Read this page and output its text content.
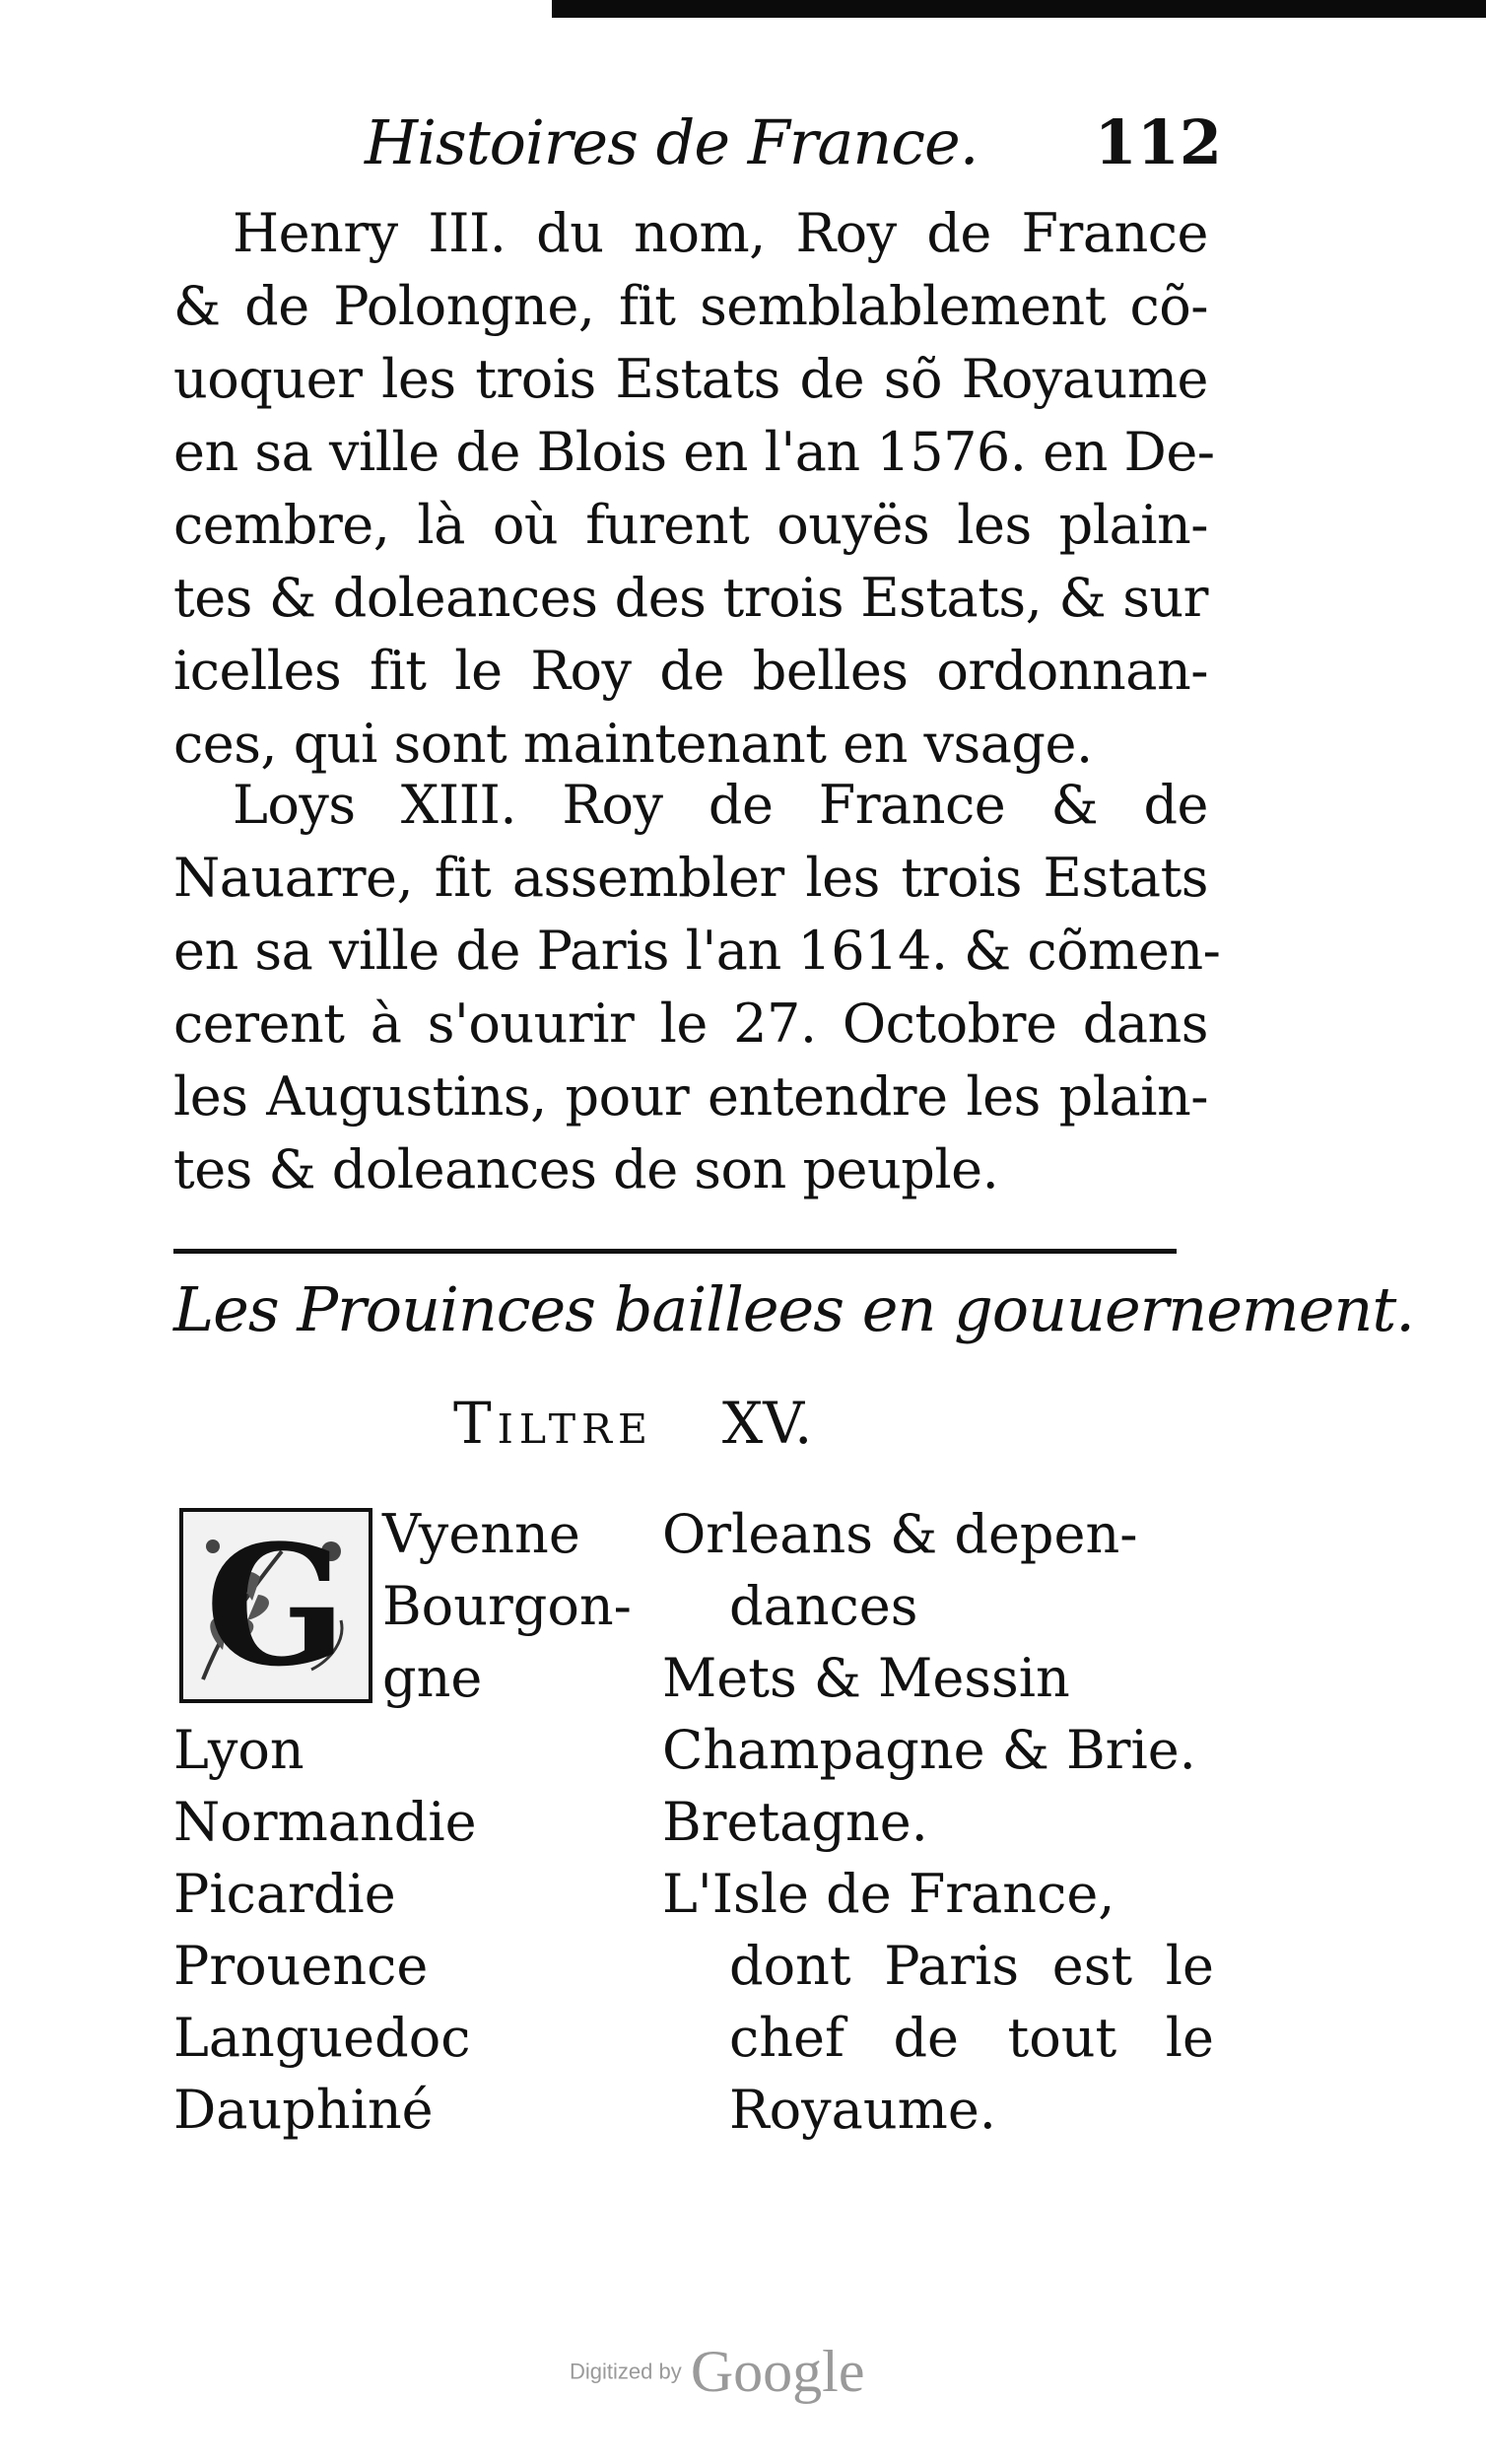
Histoires de France. 112
Henry III. du nom, Roy de France
& de Polongne, fit semblablement cõ-
uoquer les trois Estats de sõ Royaume
en sa ville de Blois en l'an 1576. en De-
cembre, là où furent ouyës les plain-
tes & doleances des trois Estats, & sur
icelles fit le Roy de belles ordonnan-
ces, qui sont maintenant en vsage.
Loys XIII. Roy de France & de
Nauarre, fit assembler les trois Estats
en sa ville de Paris l'an 1614. & cõmen-
cerent à s'ouurir le 27. Octobre dans
les Augustins, pour entendre les plain-
tes & doleances de son peuple.
Les Prouinces baillees en gouuernement.
Tiltre XV.
G Vyenne
Bourgon-
gne
Lyon
Normandie
Picardie
Prouence
Languedoc
Dauphiné
Orleans & depen-
dances
Mets & Messin
Champagne & Brie.
Bretagne.
L'Isle de France,
dont Paris est le
chef de tout le
Royaume.
Digitized by Google
